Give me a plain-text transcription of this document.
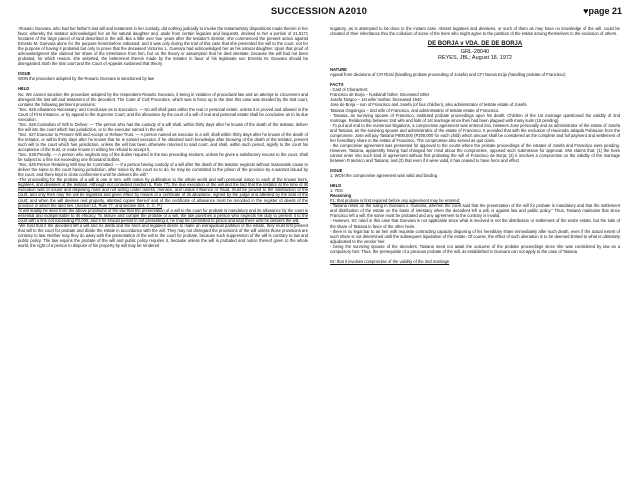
SUCCESSION A2010	♥page 21

-Rosario Guevara, who had her father's last will and testament in her custody, did nothing judicially to invoke the testamentary dispositions made therein in her favor, whereby the testator acknowledged her as his natural daughter and, aside from certain legacies and bequests, devised to her a portion of 21.6171 hectares of the large parcel of land described in the will. But a little over four years after the testator's demise, she commenced the present action against Ernesto M. Guevara alone for the purpose hereinbefore indicated; and it was only during the trial of this case that she presented the will to the court, not for the purpose of having it probated but only to prove that the deceased Victorino L. Guevara had acknowledged her as his natural daughter. Upon that proof of acknowledgment she claimed her share of the inheritance from him, but on the theory or assumption that he died intestate, because the will had not been probated, for which reason, she asserted, the betterment therein made by the testator in favor of his legitimate son Ernesto M. Guevara should be disregarded. Both the trial court and the Court of Appeals sustained that theory.

ISSUE

WON the procedure adopted by the Rosario Guevara is sanctioned by law

HELD

No. We cannot sanction the procedure adopted by the respondent Rosario Guevara, it being in violation of procedural law and an attempt to circumvent and disregard the last will and testament of the decedent. The Code of Civil Procedure, which was in force up to the time this case was decided by the trial court, contains the following pertinent provisions:

"Sec. 625.Allowance Necessary, and Conclusive as to Execution. — No will shall pass either the real or personal estate, unless it is proved and allowed in the Court of First Instance, or by appeal to the Supreme Court; and the allowance by the court of a will of real and personal estate shall be conclusive as to its due execution.

"Sec. 626.Custodian of Will to Deliver. — The person who has the custody of a will shall, within thirty days after he knows of the death of the testator, deliver the will into the court which has jurisdiction, or to the executor named in the will.

"Sec. 627.Executor to Present Will and Accept or Refuse Trust. — A person named as executor in a will, shall within thirty days after he knows of the death of the testator, or within thirty days after he knows that he is named executor, if he obtained such knowledge after knowing of the death of the testator, present such will to the court which has jurisdiction, unless the will has been otherwise returned to said court, and shall, within such period, signify to the court his acceptance of the trust, or make known in writing his refusal to accept it.

"Sec. 628.Penalty. — A person who neglects any of the duties required in the two preceding sections, unless he gives a satisfactory excuse to the court, shall be subject to a fine not exceeding one thousand dollars.

"Sec. 629.Person Retaining Will may be Committed. — If a person having custody of a will after the death of the testator neglects without reasonable cause to deliver the same to the court having jurisdiction, after notice by the court so to do, he may be committed to the prison of the province by a warrant issued by the court, and there kept in close confinement until he delivers the will."

-The proceeding for the probate of a will is one in rem, with notice by publication to the whole world and with personal notice to each of the known heirs, legatees, and devisees of the testator. Although not contested (section 5, Rule 77), the due execution of the will and the fact that the testator at the time of its execution was of sound and disposing mind and not acting under duress, menace, and undue influence or fraud, must be proved to the satisfaction of the court, and only then may the will be legalized and given effect by means of a certificate of its allowance, signed by the judge and attested by the seal of the court; and when the will devises real property, attested copies thereof and of the certificate of allowance must be recorded in the register of deeds of the province in which the land lies. (Section 12, Rule 77, and section 624, C. C. P.)

-It will readily be seen from the above provisions of the law that the presentation of a will to the court for probate is mandatory and its allowance by the court is essential and indispensable to its efficacy. To assure and compel the probate of a will, the law punishes a person who neglects his duty to present it to the court with a fine not exceeding P2,000, and if he should persist in not presenting it, he may be committed to prison and kept there until he delivers the will.

-We hold that if the decedent left a will and no debts and the heirs and legatees desire to make an extrajudicial partition of the estate, they must first present that will to the court for probate and divide the estate in accordance with the will. They may not disregard the provisions of the will unless those provisions are contrary to law. Neither may they do away with the presentation of the will to the court for probate, because such suppression of the will is contrary to law and public policy. The law enjoins the probate of the will and public policy requires it, because unless the will is probated and notice thereof given to the whole world, the right of a person to dispose of his property by will may be rendered

nugatory, as is attempted to be done in the instant case. Absent legatees and devisees, or such of them as may have no knowledge of the will, could be cheated of their inheritance thru the collusion of some of the heirs who might agree to the partition of the estate among themselves to the exclusion of others.

DE BORJA v VDA. DE DE BORJA

GRL-28040

REYES, JBL; August 18, 1972

NATURE

Appeal from decisions of CFI Rizal (handling probate proceeding of Josefa) and CFI Nueva Ecija (handling probate of Francisco)

FACTS

- Cast of Characters:

Francisco de Borja – husband/ father. Deceased 1954

Josefa Tangco – 1st wife/ mother. Deceased 1940

Jose de Borja – son of Francisco and Josefa (of four children), also administrator of testate estate of Josefa

Tasiana Ongsingco – 2nd wife of Francisco, and administratrix of testate estate of Francisco.

- Tasiana, as surviving spouse of Francisco, instituted probate proceedings upon his death. Children of the 1st marriage questioned the validity of 2nd marriage. Relationship between 2nd wife and kids of 1st marriage since then had been plagued with many suits (18 pending).

- To put and end to the numerous litigations, a compromise agreement was entered into, between Jose personally and as administrator of the estate of Josefa and Tasiana, as the surviving spouse and administratrix of the estate of Francisco. It provided that with the exclusion of Hacienda Jalajala Poblacion from the compromise, Jose will pay Tasiana P800,000 (P200,000 for each child) which amount shall be considered as the complete and full payment and settlement of her hereditary share in the estate of Francisco. The compromise also served as quit claim.

- the compromise agreement was presented for approval to the courts where the probate proceedings of the estates of Josefa and Francisco were pending. However, Tasiana, apparently having had changed her mind about the compromise, opposed such submission for approval. She claims that: (1) the heirs cannot enter into such kind of agreement without first probating the will of Francisco de Borja; (2) it involves a compromise on the validity of the marriage between Francisco and Tasiana; and (3) that even if it were valid, it has ceased to have force and effect

ISSUE

1. WON the compromise agreement was valid and binding

HELD

1. YES

Reasoning

#1: that probate is first required before any agreement may be entered:

- Tasiana relies on the ruling in Guevara v. Guevara, wherein the court said that the presentation of the will for probate is mandatory and that the settlement and distribution of the estate on the basis of intestacy when the decedent left a will, is against law and public policy." Thus, Tasiana maintains that since Francisco left a will, the same must be probated and any agreement to the contrary is invalid.

- However, SC ruled in this case that Guevara is not applicable since what is involved is not the distribution or settlement of the entire estate, but the sale of the share of Tasiana in favor of the other heirs.

- there is no legal bar to an heir with requisite contracting capacity disposing of his hereditary share immediately after such death, even if the actual extent of such share is not determined until the subsequent liquidation of the estate. Of course, the effect of such alienation is to be deemed limited to what is ultimately adjudicated to the vendor heir.

- being the surviving spouse of the decedent, Tasiana need not await the outcome of the probate proceedings since she was considered by law as a compulsory heir. Thus, the prerequisite of a previous probate of the will, as established in Guevara can not apply to the case of Tasiana

#2: that it involves compromise of the validity of the 2nd marriage
